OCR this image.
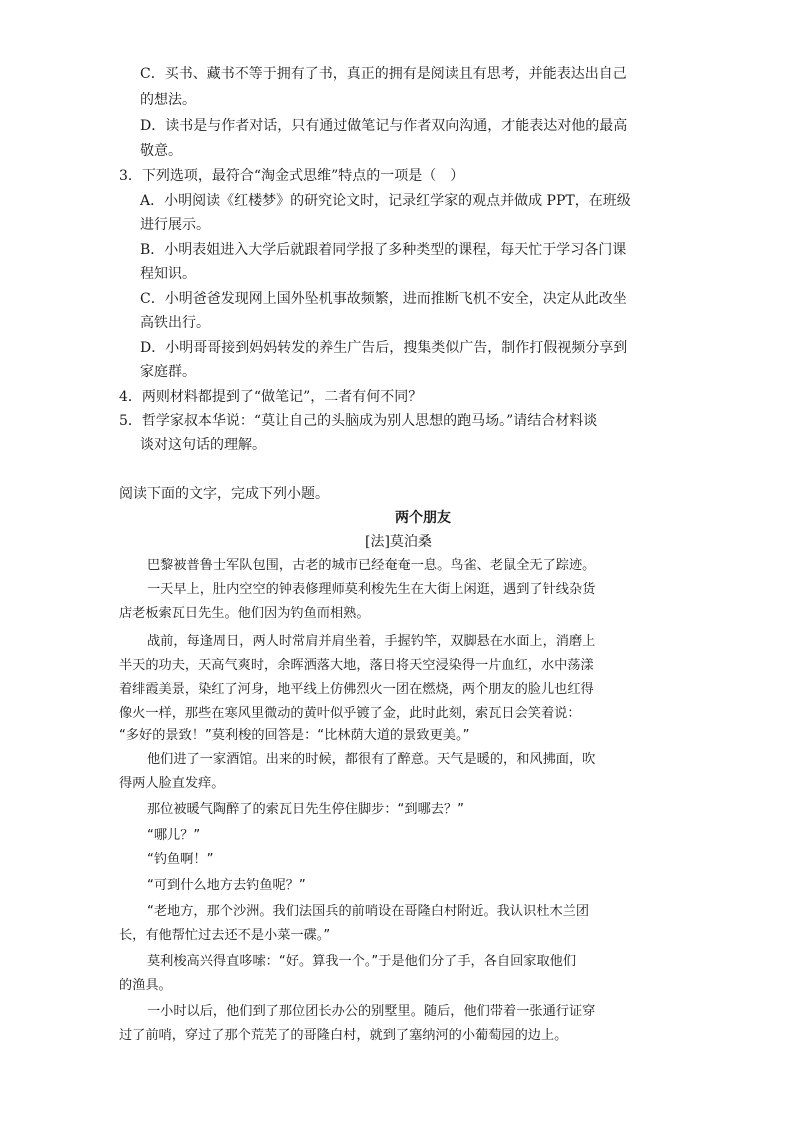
C．买书、藏书不等于拥有了书，真正的拥有是阅读且有思考，并能表达出自己
的想法。
D．读书是与作者对话，只有通过做笔记与作者双向沟通，才能表达对他的最高
敬意。
3．下列选项，最符合“淘金式思维”特点的一项是（　）
A．小明阅读《红楼梦》的研究论文时，记录红学家的观点并做成 PPT，在班级
进行展示。
B．小明表姐进入大学后就跟着同学报了多种类型的课程，每天忙于学习各门课
程知识。
C．小明爸爸发现网上国外坠机事故频繁，进而推断飞机不安全，决定从此改坐
高铁出行。
D．小明哥哥接到妈妈转发的养生广告后，搜集类似广告，制作打假视频分享到
家庭群。
4．两则材料都提到了“做笔记”，二者有何不同？
5．哲学家叔本华说：“莫让自己的头脑成为别人思想的跑马场。”请结合材料谈
谈对这句话的理解。
阅读下面的文字，完成下列小题。
两个朋友
[法]莫泊桑
巴黎被普鲁士军队包围，古老的城市已经奄奄一息。鸟雀、老鼠全无了踪迹。
一天早上，肚内空空的钟表修理师莫利梭先生在大街上闲逛，遇到了针线杂货
店老板索瓦日先生。他们因为钓鱼而相熟。
战前，每逢周日，两人时常肩并肩坐着，手握钓竿，双脚悬在水面上，消磨上
半天的功夫，天高气爽时，余晖洒落大地，落日将天空浸染得一片血红，水中荡漾
着绯霞美景，染红了河身，地平线上仿佛烈火一团在燃烧，两个朋友的脸儿也红得
像火一样，那些在寒风里微动的黄叶似乎镀了金，此时此刻，索瓦日会笑着说：
“多好的景致！”莫利梭的回答是：“比林荫大道的景致更美。”
他们进了一家酒馆。出来的时候，都很有了醉意。天气是暖的，和风拂面，吹
得两人脸直发痒。
那位被暖气陶醉了的索瓦日先生停住脚步：“到哪去？”
“哪儿？”
“钓鱼啊！”
“可到什么地方去钓鱼呢？”
“老地方，那个沙洲。我们法国兵的前哨设在哥隆白村附近。我认识杜木兰团
长，有他帮忙过去还不是小菜一碟。”
莫利梭高兴得直哆嗦：“好。算我一个。”于是他们分了手，各自回家取他们
的渔具。
一小时以后，他们到了那位团长办公的别墅里。随后，他们带着一张通行证穿
过了前哨，穿过了那个荒芜了的哥隆白村，就到了塞纳河的小葡萄园的边上。
